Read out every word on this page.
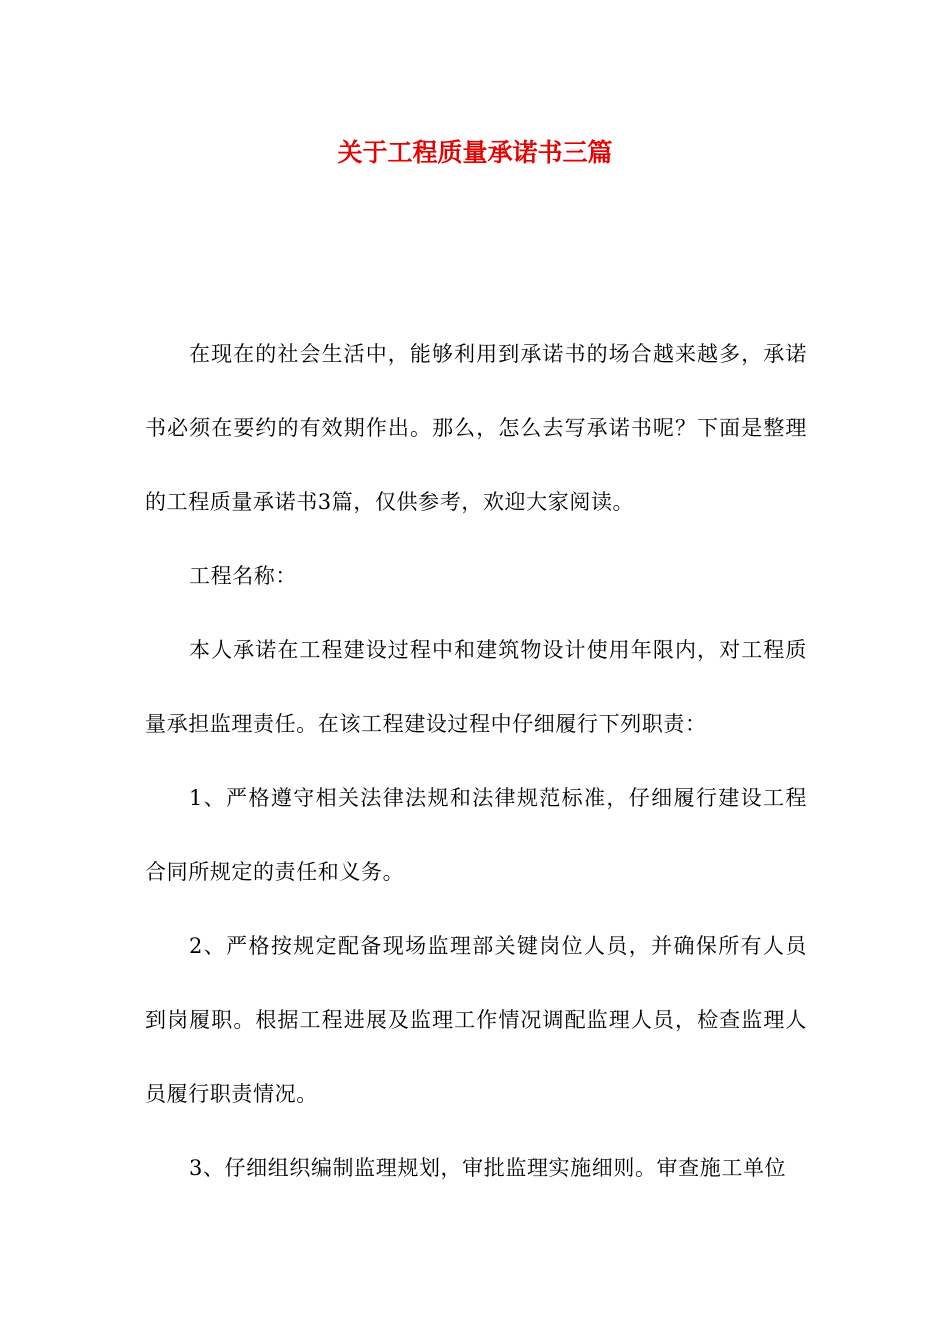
关于工程质量承诺书三篇

在现在的社会生活中，能够利用到承诺书的场合越来越多，承诺书必须在要约的有效期作出。那么，怎么去写承诺书呢？下面是整理的工程质量承诺书3篇，仅供参考，欢迎大家阅读。

工程名称：

本人承诺在工程建设过程中和建筑物设计使用年限内，对工程质量承担监理责任。在该工程建设过程中仔细履行下列职责：

1、严格遵守相关法律法规和法律规范标准，仔细履行建设工程合同所规定的责任和义务。

2、严格按规定配备现场监理部关键岗位人员，并确保所有人员到岗履职。根据工程进展及监理工作情况调配监理人员，检查监理人员履行职责情况。

3、仔细组织编制监理规划，审批监理实施细则。审查施工单位
